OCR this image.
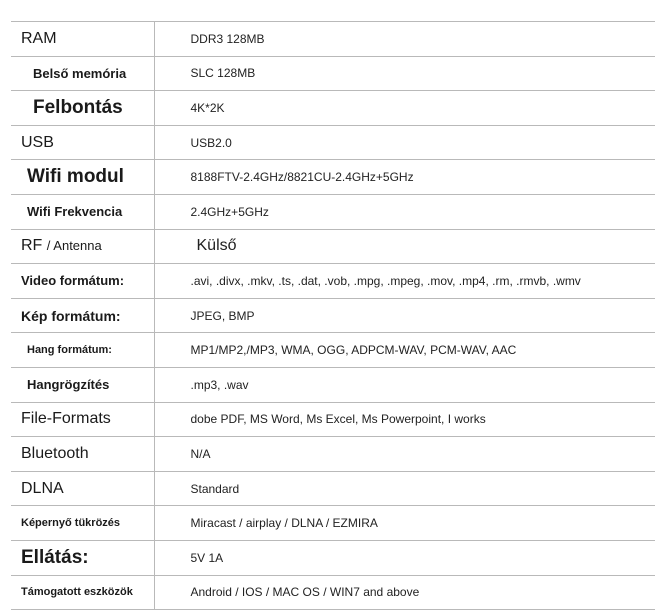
RAM	DDR3 128MB
Belső memória	SLC 128MB
Felbontás	4K*2K
USB	USB2.0
Wifi modul	8188FTV-2.4GHz/8821CU-2.4GHz+5GHz
Wifi Frekvencia	2.4GHz+5GHz
RF / Antenna	Külső
Video formátum:	.avi, .divx, .mkv, .ts, .dat, .vob, .mpg, .mpeg, .mov, .mp4, .rm, .rmvb, .wmv
Kép formátum:	JPEG, BMP
Hang formátum:	MP1/MP2,/MP3, WMA, OGG, ADPCM-WAV, PCM-WAV, AAC
Hangrögzítés	.mp3, .wav
File-Formats	dobe PDF, MS Word, Ms Excel, Ms Powerpoint, I works
Bluetooth	N/A
DLNA	Standard
Képernyő tükrözés	Miracast / airplay / DLNA / EZMIRA
Ellátás:	5V 1A
Támogatott eszközök	Android / IOS / MAC OS / WIN7 and above
